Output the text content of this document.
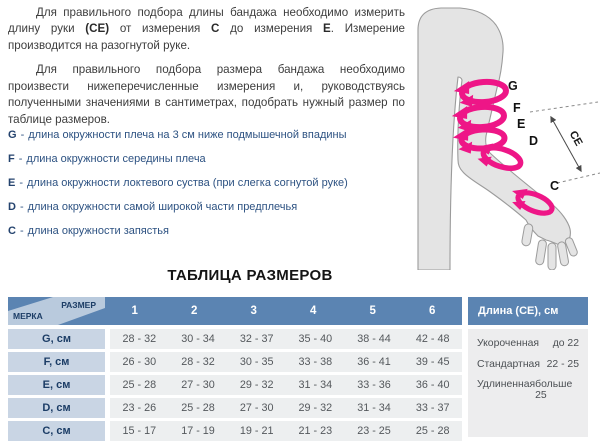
Для правильного подбора длины бандажа необходимо измерить длину руки (СЕ) от измерения С до измерения Е. Измерение производится на разогнутой руке.

Для правильного подбора размера бандажа необходимо произвести нижеперечисленные измерения и, руководствуясь полученными значениями в сантиметрах, подобрать нужный размер по таблице размеров.

G - длина окружности плеча на 3 см ниже подмышечной впадины
F - длина окружности середины плеча
E - длина окружности локтевого суства (при слегка согнутой руке)
D - длина окружности самой широкой части предплечья
C - длина окружности запястья
CE
G
F
E
D
C
ТАБЛИЦА РАЗМЕРОВ
РАЗМЕР
МЕРКА	1	2	3	4	5	6
G, см	28 - 32	30 - 34	32 - 37	35 - 40	38 - 44	42 - 48
F, см	26 - 30	28 - 32	30 - 35	33 - 38	36 - 41	39 - 45
E, см	25 - 28	27 - 30	29 - 32	31 - 34	33 - 36	36 - 40
D, см	23 - 26	25 - 28	27 - 30	29 - 32	31 - 34	33 - 37
C, см	15 - 17	17 - 19	19 - 21	21 - 23	23 - 25	25 - 28
Длина (СЕ), см
Укороченная до 22
Стандартная 22 - 25
Удлиненная больше 25
